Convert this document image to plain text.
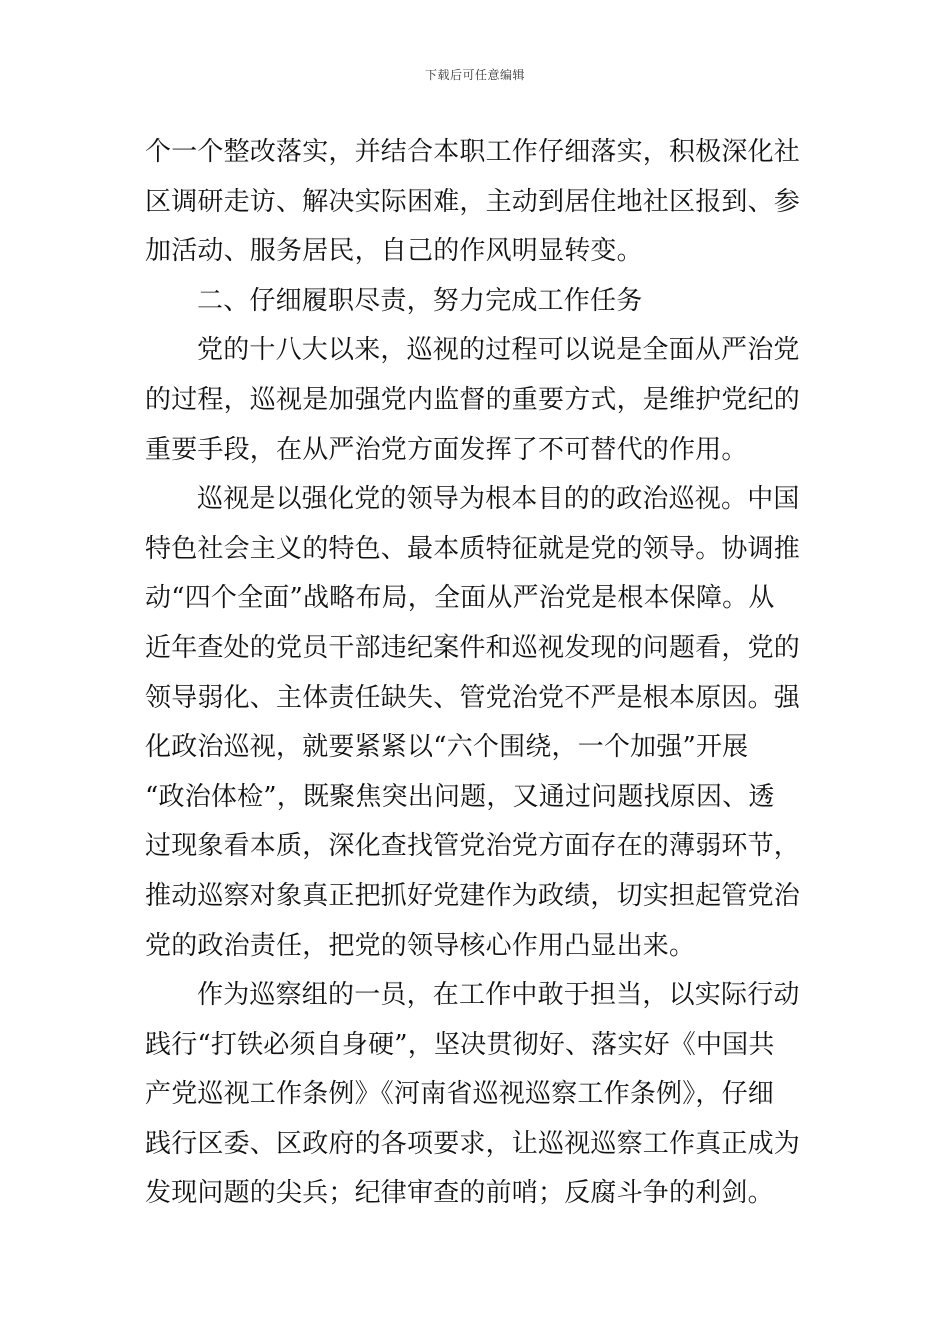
下载后可任意编辑
个一个整改落实，并结合本职工作仔细落实，积极深化社
区调研走访、解决实际困难，主动到居住地社区报到、参
加活动、服务居民，自己的作风明显转变。
二、仔细履职尽责，努力完成工作任务
党的十八大以来，巡视的过程可以说是全面从严治党
的过程，巡视是加强党内监督的重要方式，是维护党纪的
重要手段，在从严治党方面发挥了不可替代的作用。
巡视是以强化党的领导为根本目的的政治巡视。中国
特色社会主义的特色、最本质特征就是党的领导。协调推
动“四个全面”战略布局，全面从严治党是根本保障。从
近年查处的党员干部违纪案件和巡视发现的问题看，党的
领导弱化、主体责任缺失、管党治党不严是根本原因。强
化政治巡视，就要紧紧以“六个围绕，一个加强”开展
“政治体检”，既聚焦突出问题，又通过问题找原因、透
过现象看本质，深化查找管党治党方面存在的薄弱环节，
推动巡察对象真正把抓好党建作为政绩，切实担起管党治
党的政治责任，把党的领导核心作用凸显出来。
作为巡察组的一员，在工作中敢于担当，以实际行动
践行“打铁必须自身硬”，坚决贯彻好、落实好《中国共
产党巡视工作条例》《河南省巡视巡察工作条例》，仔细
践行区委、区政府的各项要求，让巡视巡察工作真正成为
发现问题的尖兵；纪律审查的前哨；反腐斗争的利剑。
